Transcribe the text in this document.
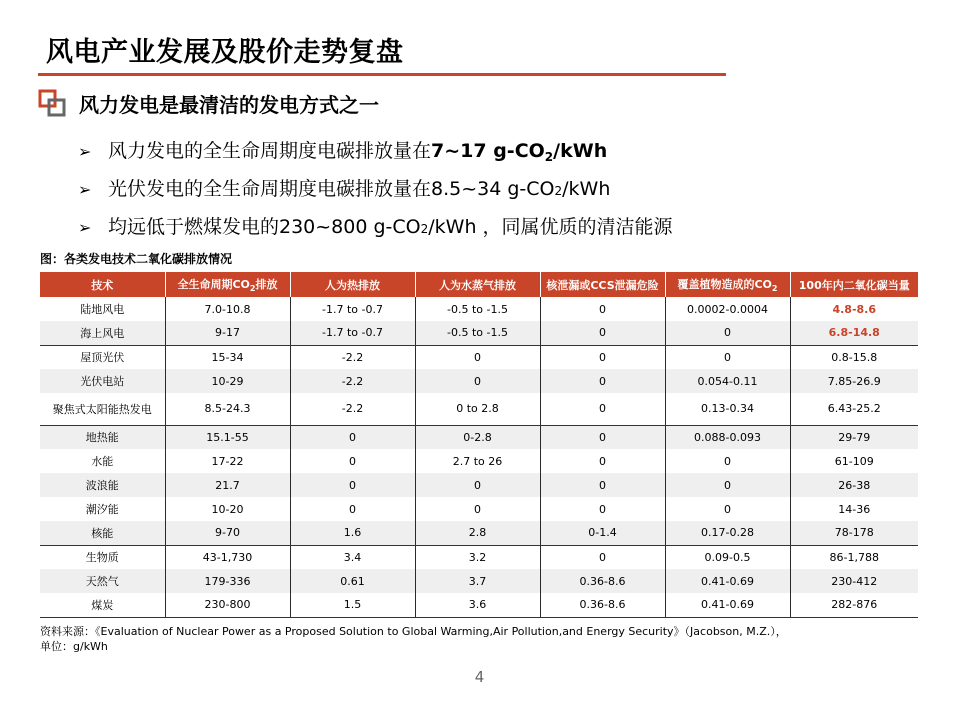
风电产业发展及股价走势复盘
风力发电是最清洁的发电方式之一
➢ 风力发电的全生命周期度电碳排放量在 7~17 $g-CO_2$/kWh
➢ 光伏发电的全生命周期度电碳排放量在8.5~34 g-CO 2 /kWh
➢ 均远低于燃煤发电的230~800 g-CO 2 /kWh ，同属优质的清洁能源
图：各类发电技术二氧化碳排放情况
技术	全生命周期$CO_2$排放	人为热排放	人为水蒸气排放	核泄漏或CCS泄漏危险	覆盖植物造成的$CO_2$	100年内二氧化碳当量
陆地风电	7.0-10.8	-1.7 to -0.7	-0.5 to -1.5	0	0.0002-0.0004	4.8-8.6
海上风电	9-17	-1.7 to -0.7	-0.5 to -1.5	0	0	6.8-14.8
屋顶光伏	15-34	-2.2	0	0	0	0.8-15.8
光伏电站	10-29	-2.2	0	0	0.054-0.11	7.85-26.9
聚焦式太阳能热发电	8.5-24.3	-2.2	0 to 2.8	0	0.13-0.34	6.43-25.2
地热能	15.1-55	0	0-2.8	0	0.088-0.093	29-79
水能	17-22	0	2.7 to 26	0	0	61-109
波浪能	21.7	0	0	0	0	26-38
潮汐能	10-20	0	0	0	0	14-36
核能	9-70	1.6	2.8	0-1.4	0.17-0.28	78-178
生物质	43-1,730	3.4	3.2	0	0.09-0.5	86-1,788
天然气	179-336	0.61	3.7	0.36-8.6	0.41-0.69	230-412
煤炭	230-800	1.5	3.6	0.36-8.6	0.41-0.69	282-876
资料来源：《Evaluation of Nuclear Power as a Proposed Solution to Global Warming,Air Pollution,and Energy Security》（Jacobson, M.Z.），
单位：g/kWh
4
